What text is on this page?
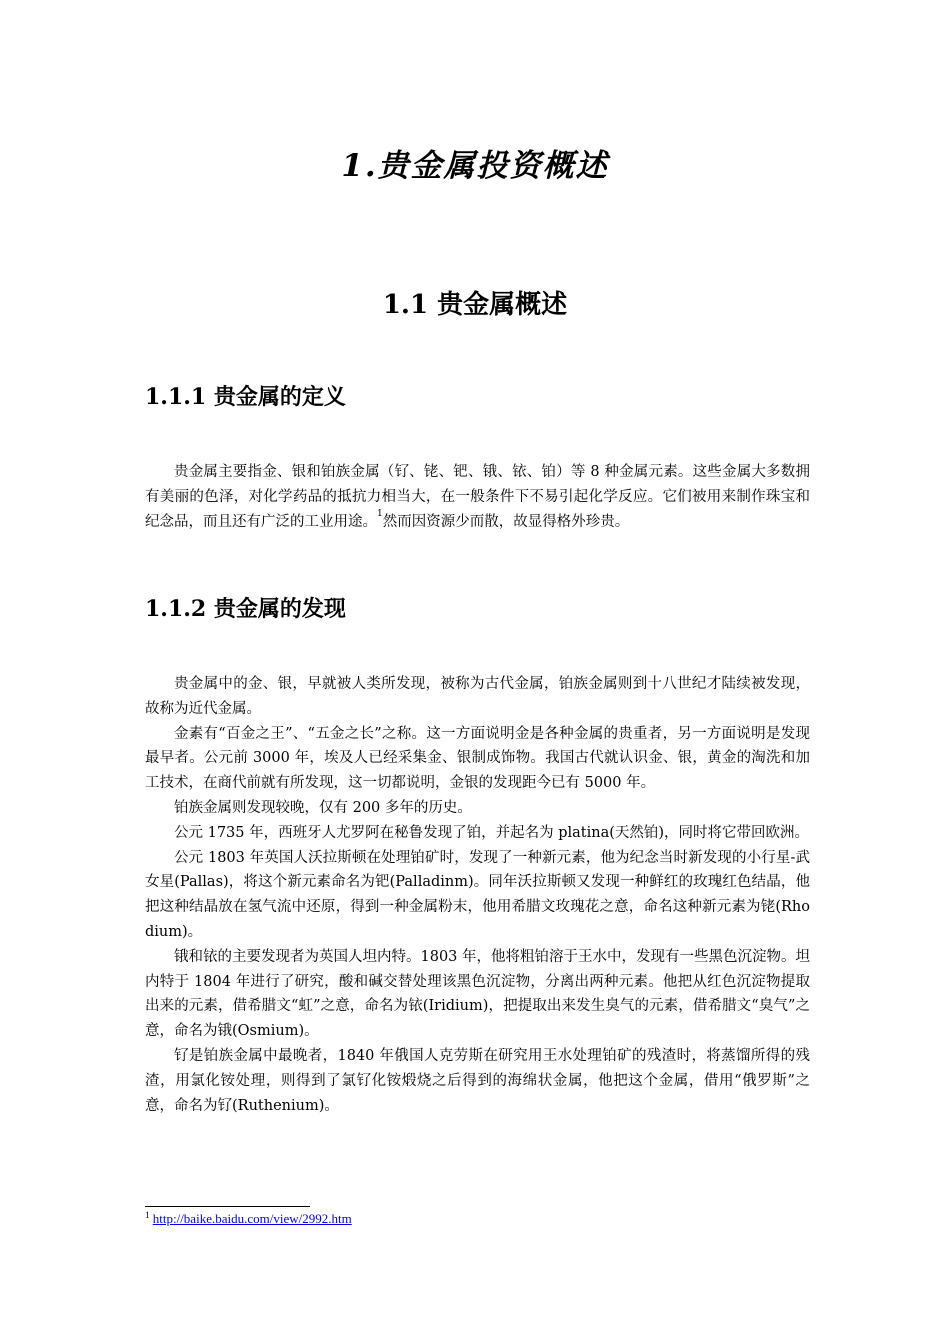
1.贵金属投资概述
1.1 贵金属概述
1.1.1 贵金属的定义

贵金属主要指金、银和铂族金属（钌、铑、钯、锇、铱、铂）等 8 种金属元素。这些金属大多数拥有美丽的色泽，对化学药品的抵抗力相当大，在一般条件下不易引起化学反应。它们被用来制作珠宝和纪念品，而且还有广泛的工业用途。$^1$然而因资源少而散，故显得格外珍贵。

1.1.2 贵金属的发现

贵金属中的金、银，早就被人类所发现，被称为古代金属，铂族金属则到十八世纪才陆续被发现，故称为近代金属。

金素有“百金之王”、“五金之长”之称。这一方面说明金是各种金属的贵重者，另一方面说明是发现最早者。公元前 3000 年，埃及人已经采集金、银制成饰物。我国古代就认识金、银，黄金的淘洗和加工技术，在商代前就有所发现，这一切都说明，金银的发现距今已有 5000 年。

铂族金属则发现较晚，仅有 200 多年的历史。

公元 1735 年，西班牙人尤罗阿在秘鲁发现了铂，并起名为 platina(天然铂)，同时将它带回欧洲。

公元 1803 年英国人沃拉斯顿在处理铂矿时，发现了一种新元素，他为纪念当时新发现的小行星-武女星(Pallas)，将这个新元素命名为钯(Palladinm)。同年沃拉斯顿又发现一种鲜红的玫瑰红色结晶，他把这种结晶放在氢气流中还原，得到一种金属粉末，他用希腊文玫瑰花之意，命名这种新元素为铑(Rhodium)。

锇和铱的主要发现者为英国人坦内特。1803 年，他将粗铂溶于王水中，发现有一些黑色沉淀物。坦内特于 1804 年进行了研究，酸和碱交替处理该黑色沉淀物，分离出两种元素。他把从红色沉淀物提取出来的元素，借希腊文“虹”之意，命名为铱(Iridium)，把提取出来发生臭气的元素，借希腊文“臭气”之意，命名为锇(Osmium)。

钌是铂族金属中最晚者，1840 年俄国人克劳斯在研究用王水处理铂矿的残渣时，将蒸馏所得的残渣，用氯化铵处理，则得到了氯钌化铵煅烧之后得到的海绵状金属，他把这个金属，借用“俄罗斯”之意，命名为钌(Ruthenium)。

$^1$ http://baike.baidu.com/view/2992.htm
